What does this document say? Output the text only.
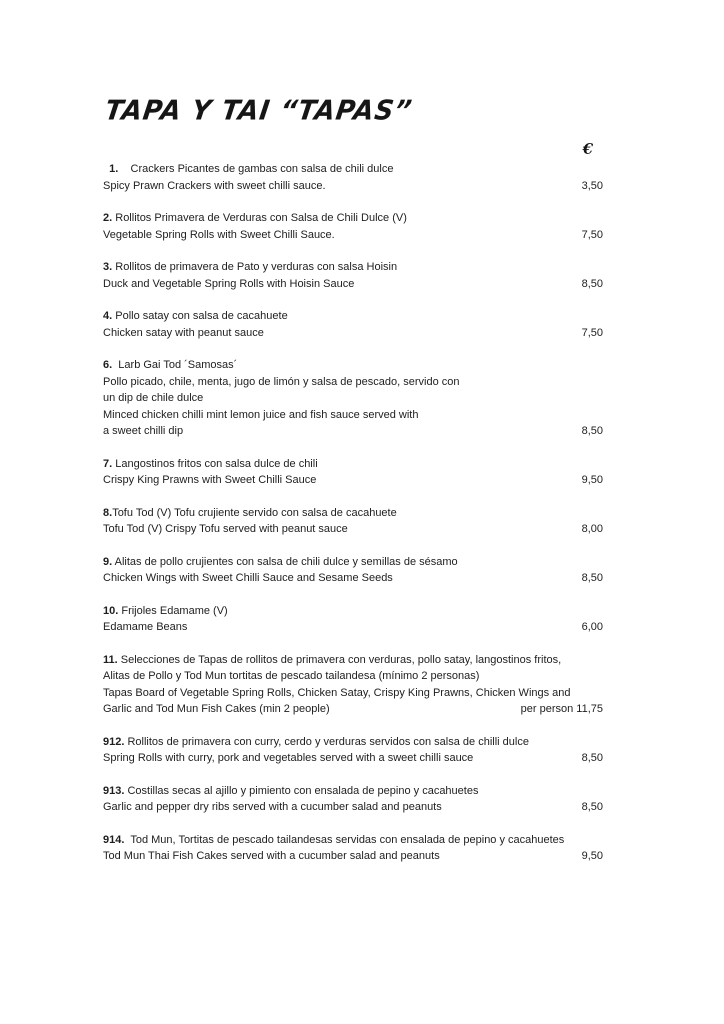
TAPA Y TAI “TAPAS”
€
1.    Crackers Picantes de gambas con salsa de chili dulce
Spicy Prawn Crackers with sweet chilli sauce.	3,50
2. Rollitos Primavera de Verduras con Salsa de Chili Dulce (V)
Vegetable Spring Rolls with Sweet Chilli Sauce.	7,50
3. Rollitos de primavera de Pato y verduras con salsa Hoisin
Duck and Vegetable Spring Rolls with Hoisin Sauce	8,50
4. Pollo satay con salsa de cacahuete
Chicken satay with peanut sauce	7,50
6.  Larb Gai Tod ´Samosas´
Pollo picado, chile, menta, jugo de limón y salsa de pescado, servido con
un dip de chile dulce
Minced chicken chilli mint lemon juice and fish sauce served with
a sweet chilli dip	8,50
7. Langostinos fritos con salsa dulce de chili
Crispy King Prawns with Sweet Chilli Sauce	9,50
8.Tofu Tod (V) Tofu crujiente servido con salsa de cacahuete
Tofu Tod (V) Crispy Tofu served with peanut sauce	8,00
9. Alitas de pollo crujientes con salsa de chili dulce y semillas de sésamo
Chicken Wings with Sweet Chilli Sauce and Sesame Seeds	8,50
10. Frijoles Edamame (V)
Edamame Beans	6,00
11. Selecciones de Tapas de rollitos de primavera con verduras, pollo satay, langostinos fritos,
Alitas de Pollo y Tod Mun tortitas de pescado tailandesa (mínimo 2 personas)
Tapas Board of Vegetable Spring Rolls, Chicken Satay, Crispy King Prawns, Chicken Wings and
Garlic and Tod Mun Fish Cakes (min 2 people)	per person 11,75
912. Rollitos de primavera con curry, cerdo y verduras servidos con salsa de chilli dulce
Spring Rolls with curry, pork and vegetables served with a sweet chilli sauce	8,50
913. Costillas secas al ajillo y pimiento con ensalada de pepino y cacahuetes
Garlic and pepper dry ribs served with a cucumber salad and peanuts	8,50
914.  Tod Mun, Tortitas de pescado tailandesas servidas con ensalada de pepino y cacahuetes
Tod Mun Thai Fish Cakes served with a cucumber salad and peanuts	9,50
